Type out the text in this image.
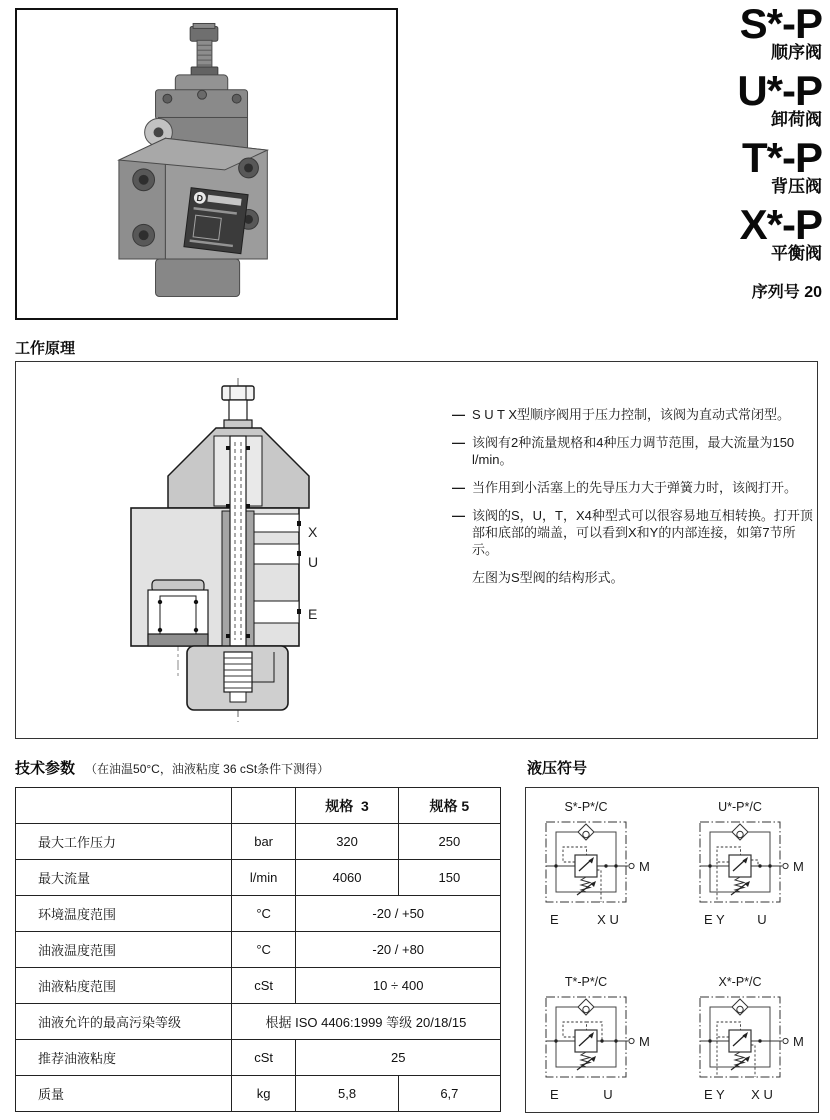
D
S*-P
顺序阀
U*-P
卸荷阀
T*-P
背压阀
X*-P
平衡阀
序列号 20
工作原理
X
U
E
— S U T X型顺序阀用于压力控制，该阀为直动式常闭型。
— 该阀有2种流量规格和4种压力调节范围，最大流量为150 l/min。
— 当作用到小活塞上的先导压力大于弹簧力时，该阀打开。
— 该阀的S，U，T，X4种型式可以很容易地互相转换。打开顶部和底部的端盖，可以看到X和Y的内部连接，如第7节所示。
左图为S型阀的结构形式。
技术参数 （在油温50°C，油液粘度 36 cSt条件下测得）
		规格  3	规格 5
最大工作压力	bar	320	250
最大流量	l/min	4060	150
环境温度范围	°C	-20 / +50	
油液温度范围	°C	-20 / +80	
油液粘度范围	cSt	10 ÷ 400	
油液允许的最高污染等级	根据 ISO 4406:1999 等级 20/18/15		
推荐油液粘度	cSt	25	
质量	kg	5,8	6,7
液压符号
S*-P*/C
E	X U
M
U*-P*/C
E Y	U
M
T*-P*/C
E	U
M
X*-P*/C
E Y	X U
M
